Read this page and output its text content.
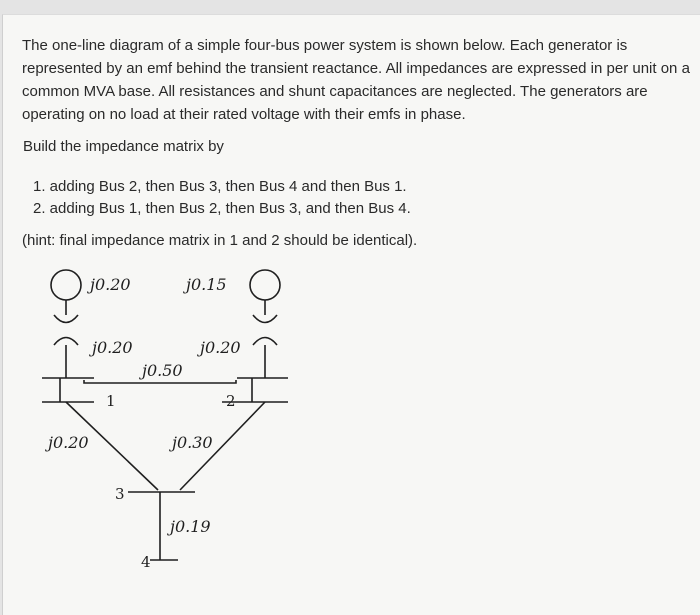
The one-line diagram of a simple four-bus power system is shown below. Each generator is represented by an emf behind the transient reactance. All impedances are expressed in per unit on a common MVA base. All resistances and shunt capacitances are neglected. The generators are operating on no load at their rated voltage with their emfs in phase.

Build the impedance matrix by
1. adding Bus 2, then Bus 3, then Bus 4 and then Bus 1.
2. adding Bus 1, then Bus 2, then Bus 3, and then Bus 4.
(hint: final impedance matrix in 1 and 2 should be identical).
j0.20	j0.15
j0.20	j0.20
j0.50
j0.20	j0.30
j0.19
1	2
3
4
